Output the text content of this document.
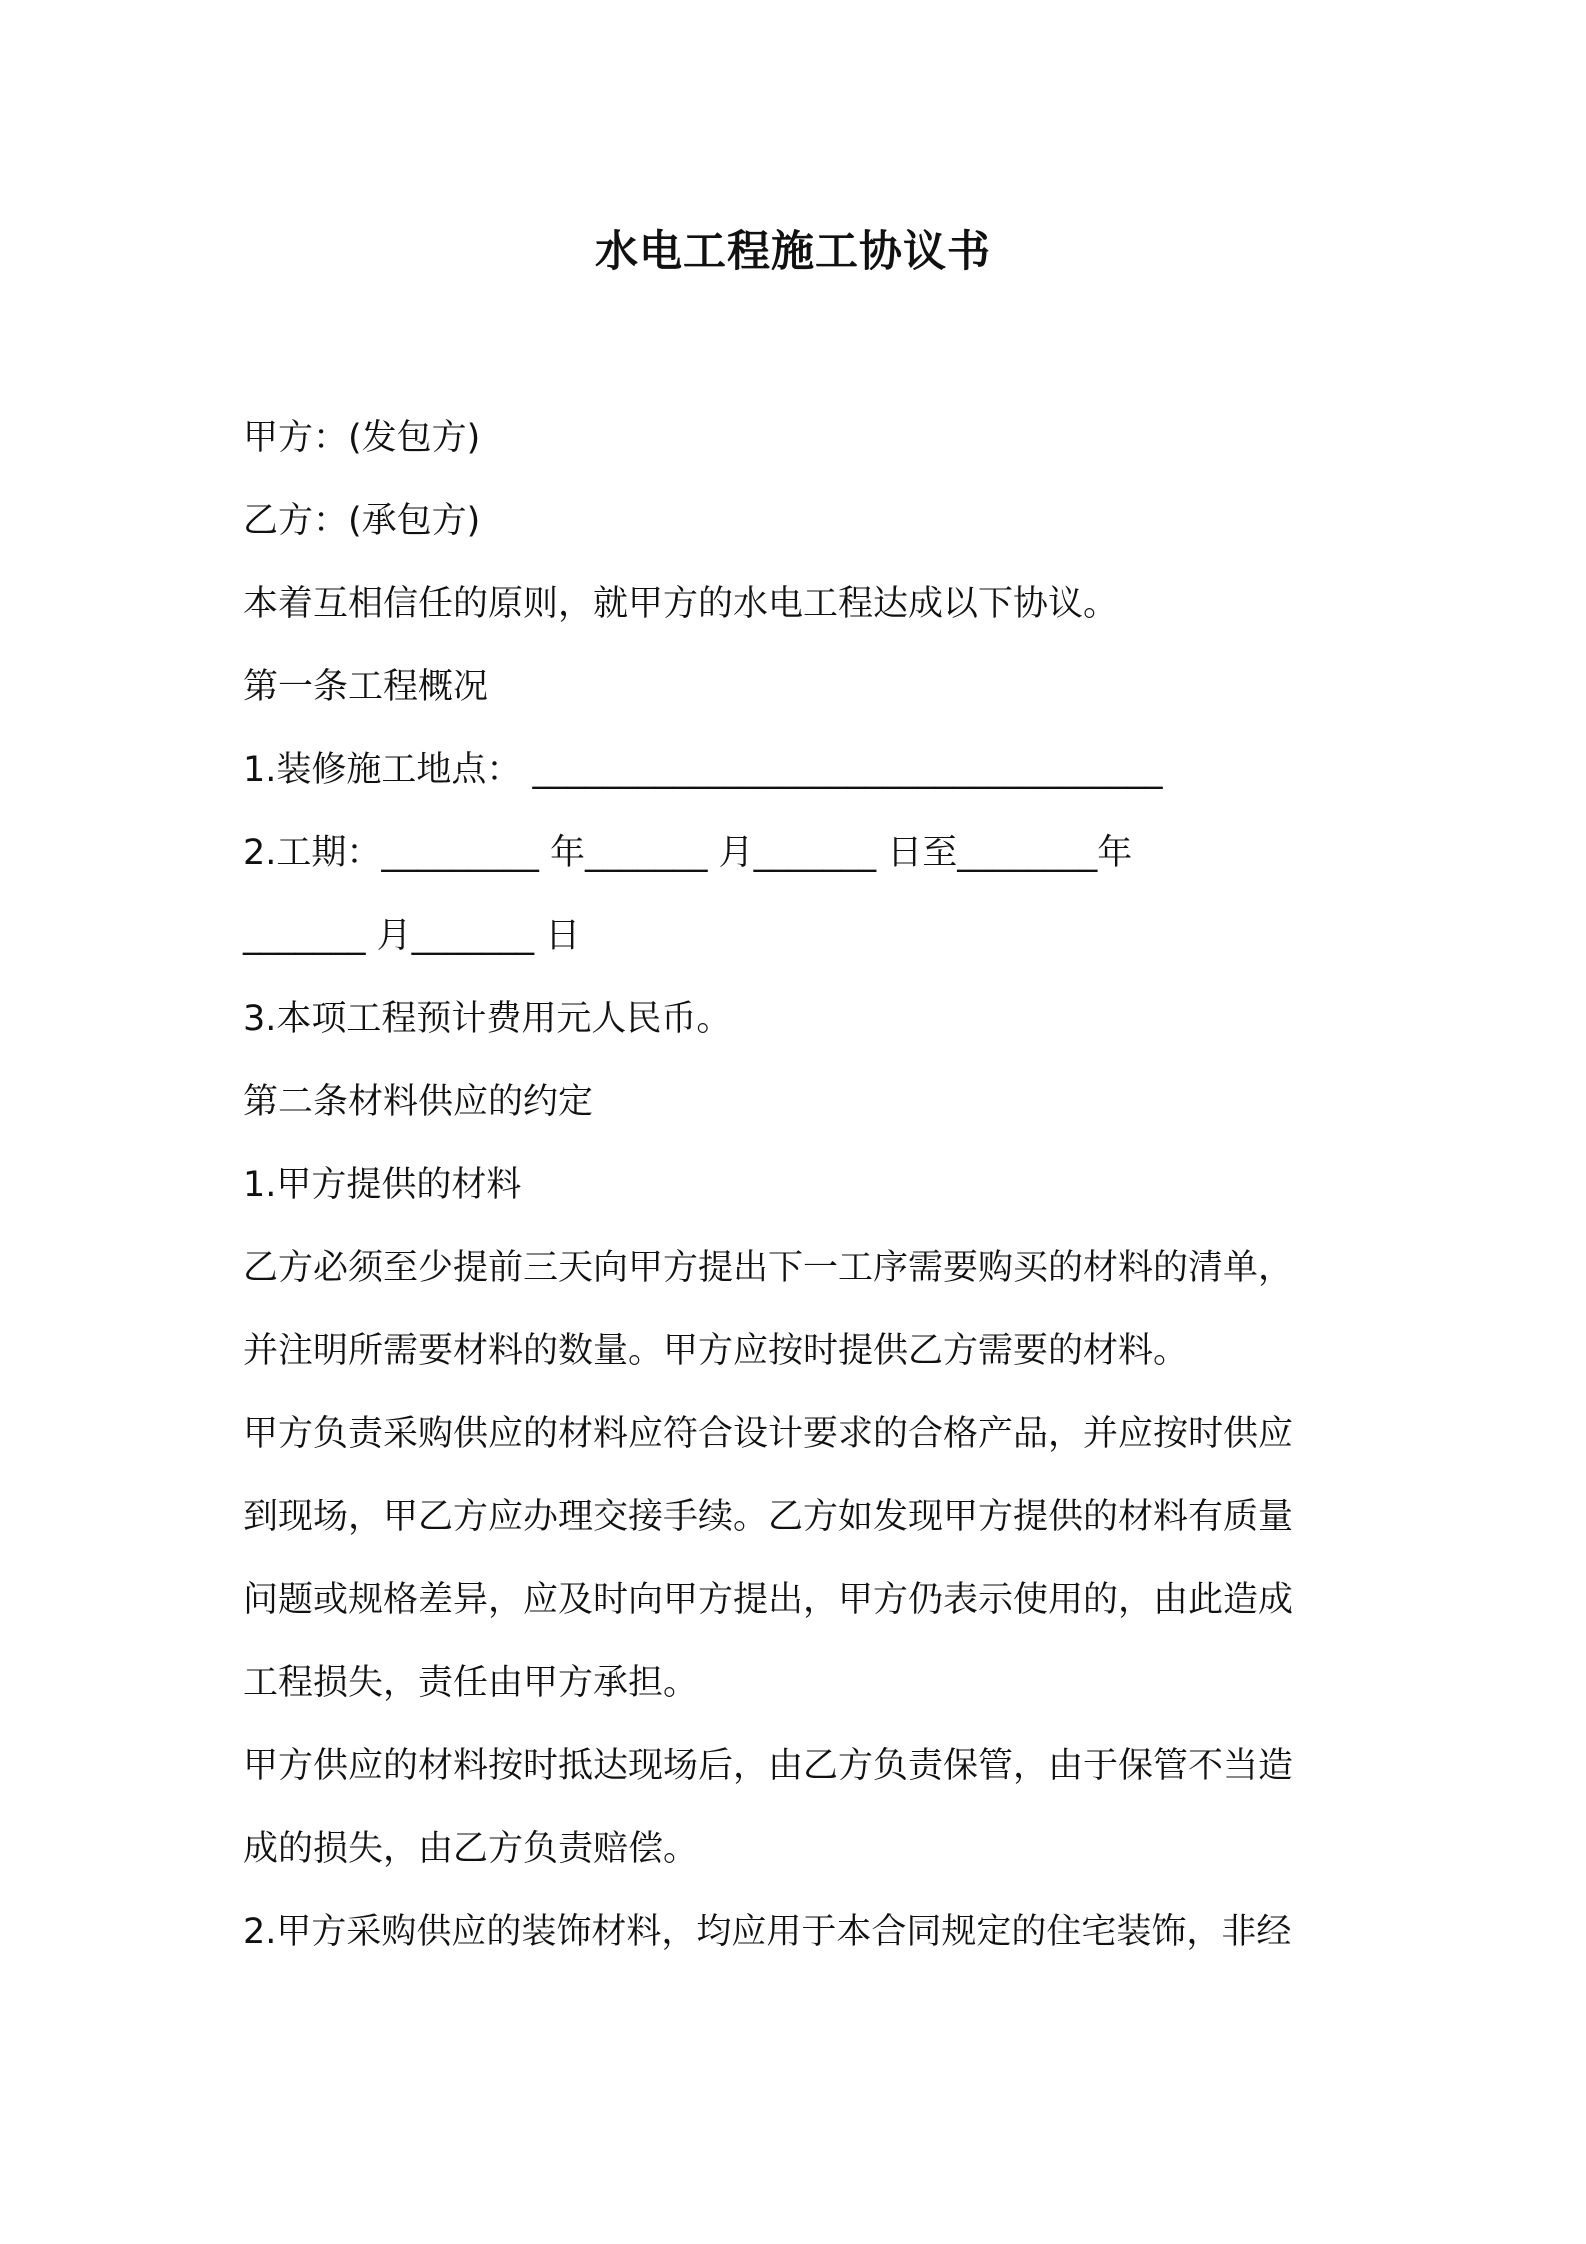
水电工程施工协议书
甲方：(发包方)
乙方：(承包方)
本着互相信任的原则，就甲方的水电工程达成以下协议。
第一条工程概况
1.装修施工地点： ____________________________________
2.工期：_________ 年_______ 月_______ 日至________年
_______ 月_______ 日
3.本项工程预计费用元人民币。
第二条材料供应的约定
1.甲方提供的材料
乙方必须至少提前三天向甲方提出下一工序需要购买的材料的清单，
并注明所需要材料的数量。甲方应按时提供乙方需要的材料。
甲方负责采购供应的材料应符合设计要求的合格产品，并应按时供应
到现场，甲乙方应办理交接手续。乙方如发现甲方提供的材料有质量
问题或规格差异，应及时向甲方提出，甲方仍表示使用的，由此造成
工程损失，责任由甲方承担。
甲方供应的材料按时抵达现场后，由乙方负责保管，由于保管不当造
成的损失，由乙方负责赔偿。
2.甲方采购供应的装饰材料，均应用于本合同规定的住宅装饰，非经
